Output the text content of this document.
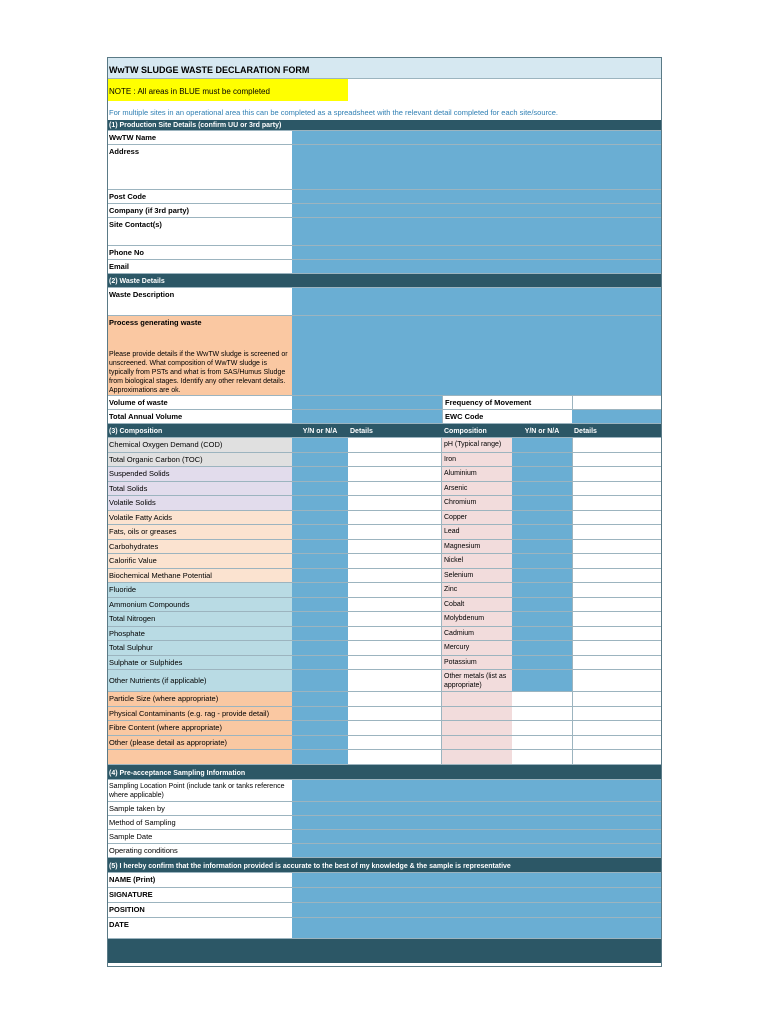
WwTW SLUDGE WASTE DECLARATION FORM
NOTE : All areas in BLUE must be completed
For multiple sites in an operational area this can be completed as a spreadsheet with the relevant detail completed for each site/source.
(1) Production Site Details (confirm UU or 3rd party)
WwTW Name
Address
Post Code
Company (if 3rd party)
Site Contact(s)
Phone No
Email
(2) Waste Details
Waste Description
Process generating waste
Please provide details if the WwTW sludge is screened or unscreened. What composition of WwTW sludge is typically from PSTs and what is from SAS/Humus Sludge from biological stages. Identify any other relevant details. Approximations are ok.
Volume of waste	Frequency of Movement
Total Annual Volume	EWC Code
(3) Composition	Y/N or N/A	Details	Composition	Y/N or N/A	Details
Chemical Oxygen Demand (COD)	pH (Typical range)
Total Organic Carbon (TOC)	Iron
Suspended Solids	Aluminium
Total Solids	Arsenic
Volatile Solids	Chromium
Volatile Fatty Acids	Copper
Fats, oils or greases	Lead
Carbohydrates	Magnesium
Calorific Value	Nickel
Biochemical Methane Potential	Selenium
Fluoride	Zinc
Ammonium Compounds	Cobalt
Total Nitrogen	Molybdenum
Phosphate	Cadmium
Total Sulphur	Mercury
Sulphate or Sulphides	Potassium
Other Nutrients (if applicable)	Other metals (list as appropriate)
Particle Size (where appropriate)
Physical Contaminants (e.g. rag - provide detail)
Fibre Content (where appropriate)
Other (please detail as appropriate)
(4) Pre-acceptance Sampling Information
Sampling Location Point (include tank or tanks reference where applicable)
Sample taken by
Method of Sampling
Sample Date
Operating conditions
(5) I hereby confirm that the information provided is accurate to the best of my knowledge & the sample is representative
NAME (Print)
SIGNATURE
POSITION
DATE
